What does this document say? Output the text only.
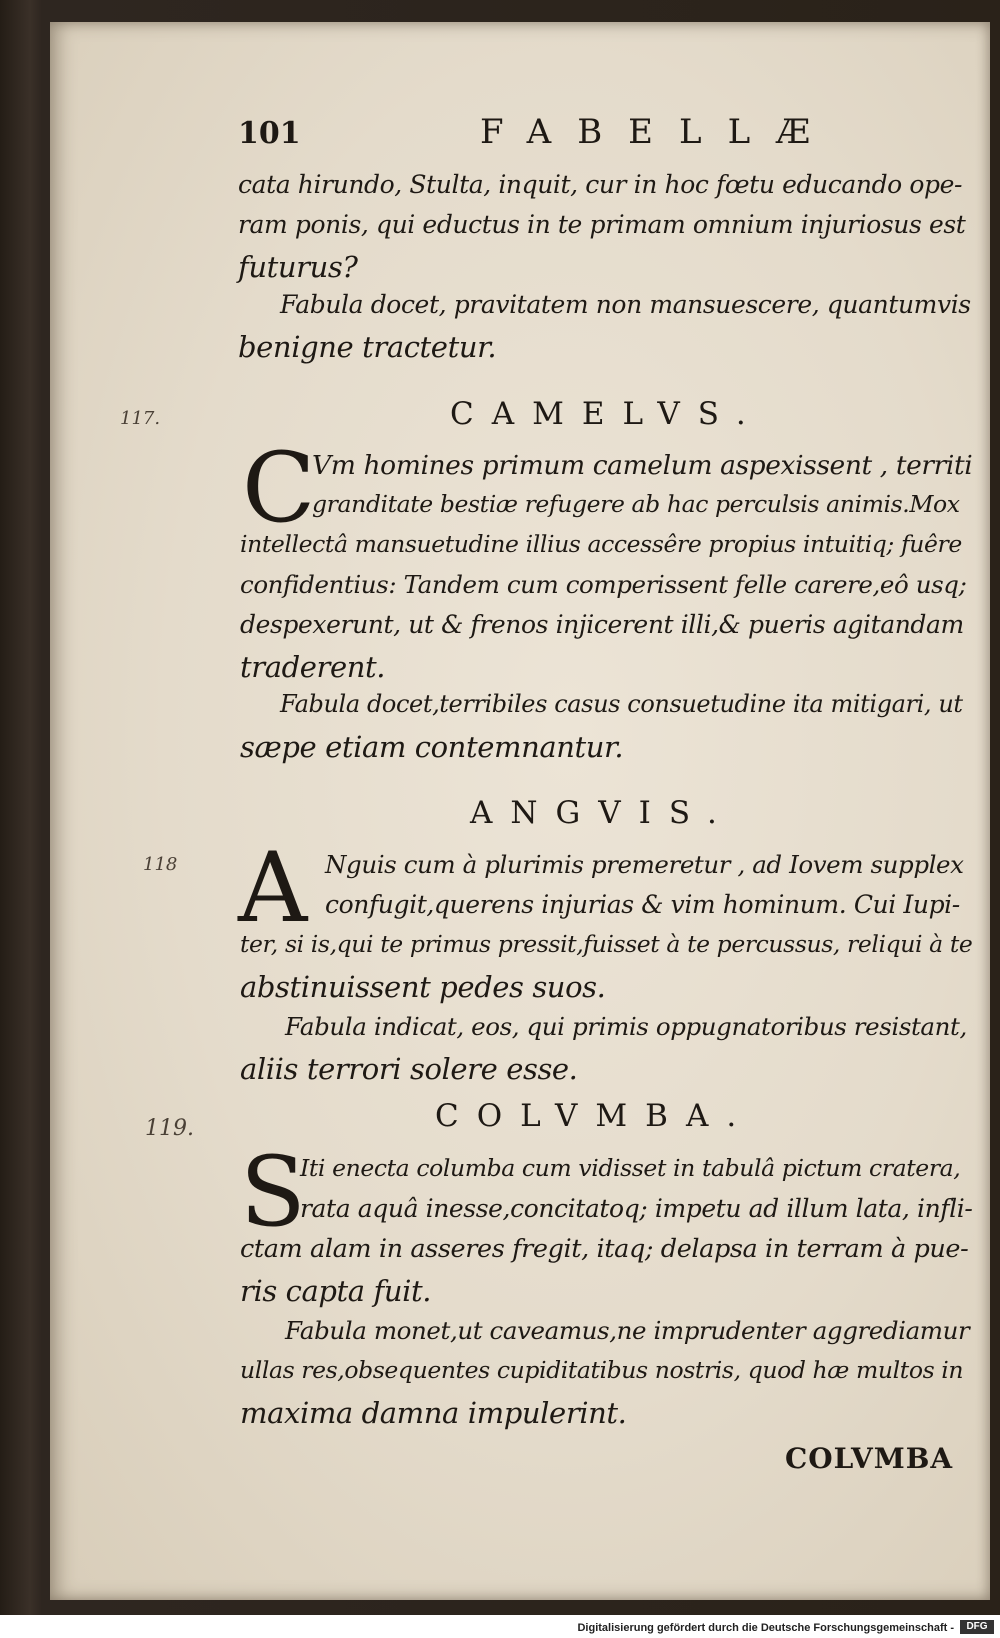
101	FABELLÆ
cata hirundo, Stulta, inquit, cur in hoc fœtu educando ope-
ram ponis, qui eductus in te primam omnium injuriosus est
futurus?
Fabula docet, pravitatem non mansuescere, quantumvis
benigne tractetur.
117.
118
119.
CAMELVS.
C
Vm homines primum camelum aspexissent , territi
granditate bestiæ refugere ab hac perculsis animis.Mox
intellectâ mansuetudine illius accessêre propius intuitiq; fuêre
confidentius: Tandem cum comperissent felle carere,eô usq;
despexerunt, ut & frenos injicerent illi,& pueris agitandam
traderent.
Fabula docet,terribiles casus consuetudine ita mitigari, ut
sæpe etiam contemnantur.
ANGVIS.
A Nguis cum à plurimis premeretur , ad Iovem supplex
confugit,querens injurias & vim hominum. Cui Iupi-
ter, si is,qui te primus pressit,fuisset à te percussus, reliqui à te
abstinuissent pedes suos.
Fabula indicat, eos, qui primis oppugnatoribus resistant,
aliis terrori solere esse.
COLVMBA.
S
Iti enecta columba cum vidisset in tabulâ pictum cratera,
rata aquâ inesse,concitatoq; impetu ad illum lata, infli-
ctam alam in asseres fregit, itaq; delapsa in terram à pue-
ris capta fuit.
Fabula monet,ut caveamus,ne imprudenter aggrediamur
ullas res,obsequentes cupiditatibus nostris, quod hæ multos in
maxima damna impulerint.
COLVMBA
Digitalisierung gefördert durch die Deutsche Forschungsgemeinschaft -	DFG
